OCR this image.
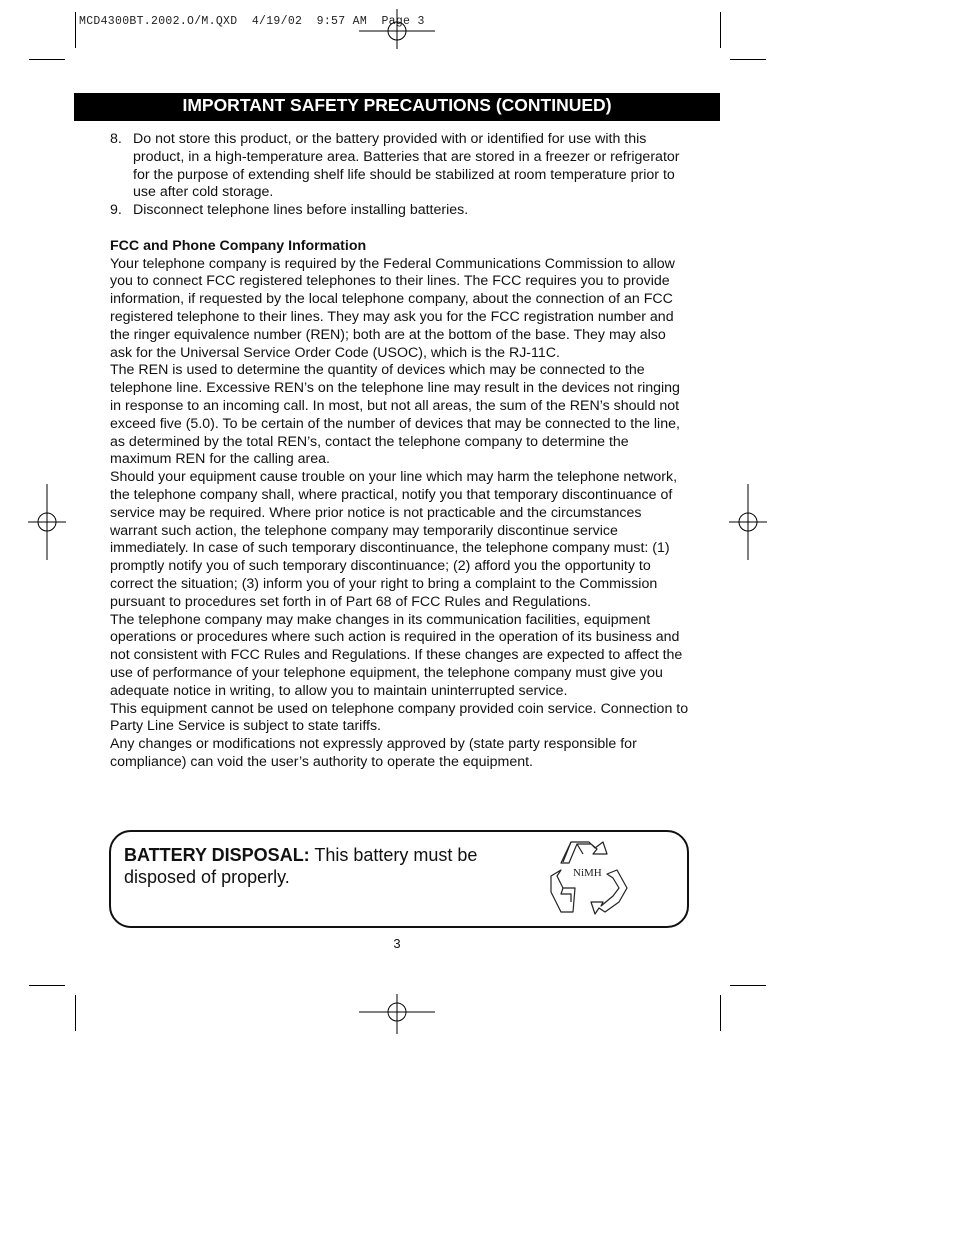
MCD4300BT.2002.O/M.QXD  4/19/02  9:57 AM  Page 3
IMPORTANT SAFETY PRECAUTIONS (CONTINUED)
8. Do not store this product, or the battery provided with or identified for use with this product, in a high-temperature area. Batteries that are stored in a freezer or refrigerator for the purpose of extending shelf life should be stabilized at room temperature prior to use after cold storage.
9. Disconnect telephone lines before installing batteries.
FCC and Phone Company Information

Your telephone company is required by the Federal Communications Commission to allow you to connect FCC registered telephones to their lines. The FCC requires you to provide information, if requested by the local telephone company, about the connection of an FCC registered telephone to their lines. They may ask you for the FCC registration number and the ringer equivalence number (REN); both are at the bottom of the base. They may also ask for the Universal Service Order Code (USOC), which is the RJ-11C.

The REN is used to determine the quantity of devices which may be connected to the telephone line. Excessive REN’s on the telephone line may result in the devices not ringing in response to an incoming call. In most, but not all areas, the sum of the REN’s should not exceed five (5.0). To be certain of the number of devices that may be connected to the line, as determined by the total REN’s, contact the telephone company to determine the maximum REN for the calling area.

Should your equipment cause trouble on your line which may harm the telephone network, the telephone company shall, where practical, notify you that temporary discontinuance of service may be required. Where prior notice is not practicable and the circumstances warrant such action, the telephone company may temporarily discontinue service immediately. In case of such temporary discontinuance, the telephone company must: (1) promptly notify you of such temporary discontinuance; (2) afford you the opportunity to correct the situation; (3) inform you of your right to bring a complaint to the Commission pursuant to procedures set forth in of Part 68 of FCC Rules and Regulations.

The telephone company may make changes in its communication facilities, equipment operations or procedures where such action is required in the operation of its business and not consistent with FCC Rules and Regulations. If these changes are expected to affect the use of performance of your telephone equipment, the telephone company must give you adequate notice in writing, to allow you to maintain uninterrupted service.

This equipment cannot be used on telephone company provided coin service. Connection to Party Line Service is subject to state tariffs.

Any changes or modifications not expressly approved by (state party responsible for compliance) can void the user’s authority to operate the equipment.

BATTERY DISPOSAL: This battery must be disposed of properly.	NiMH
3
